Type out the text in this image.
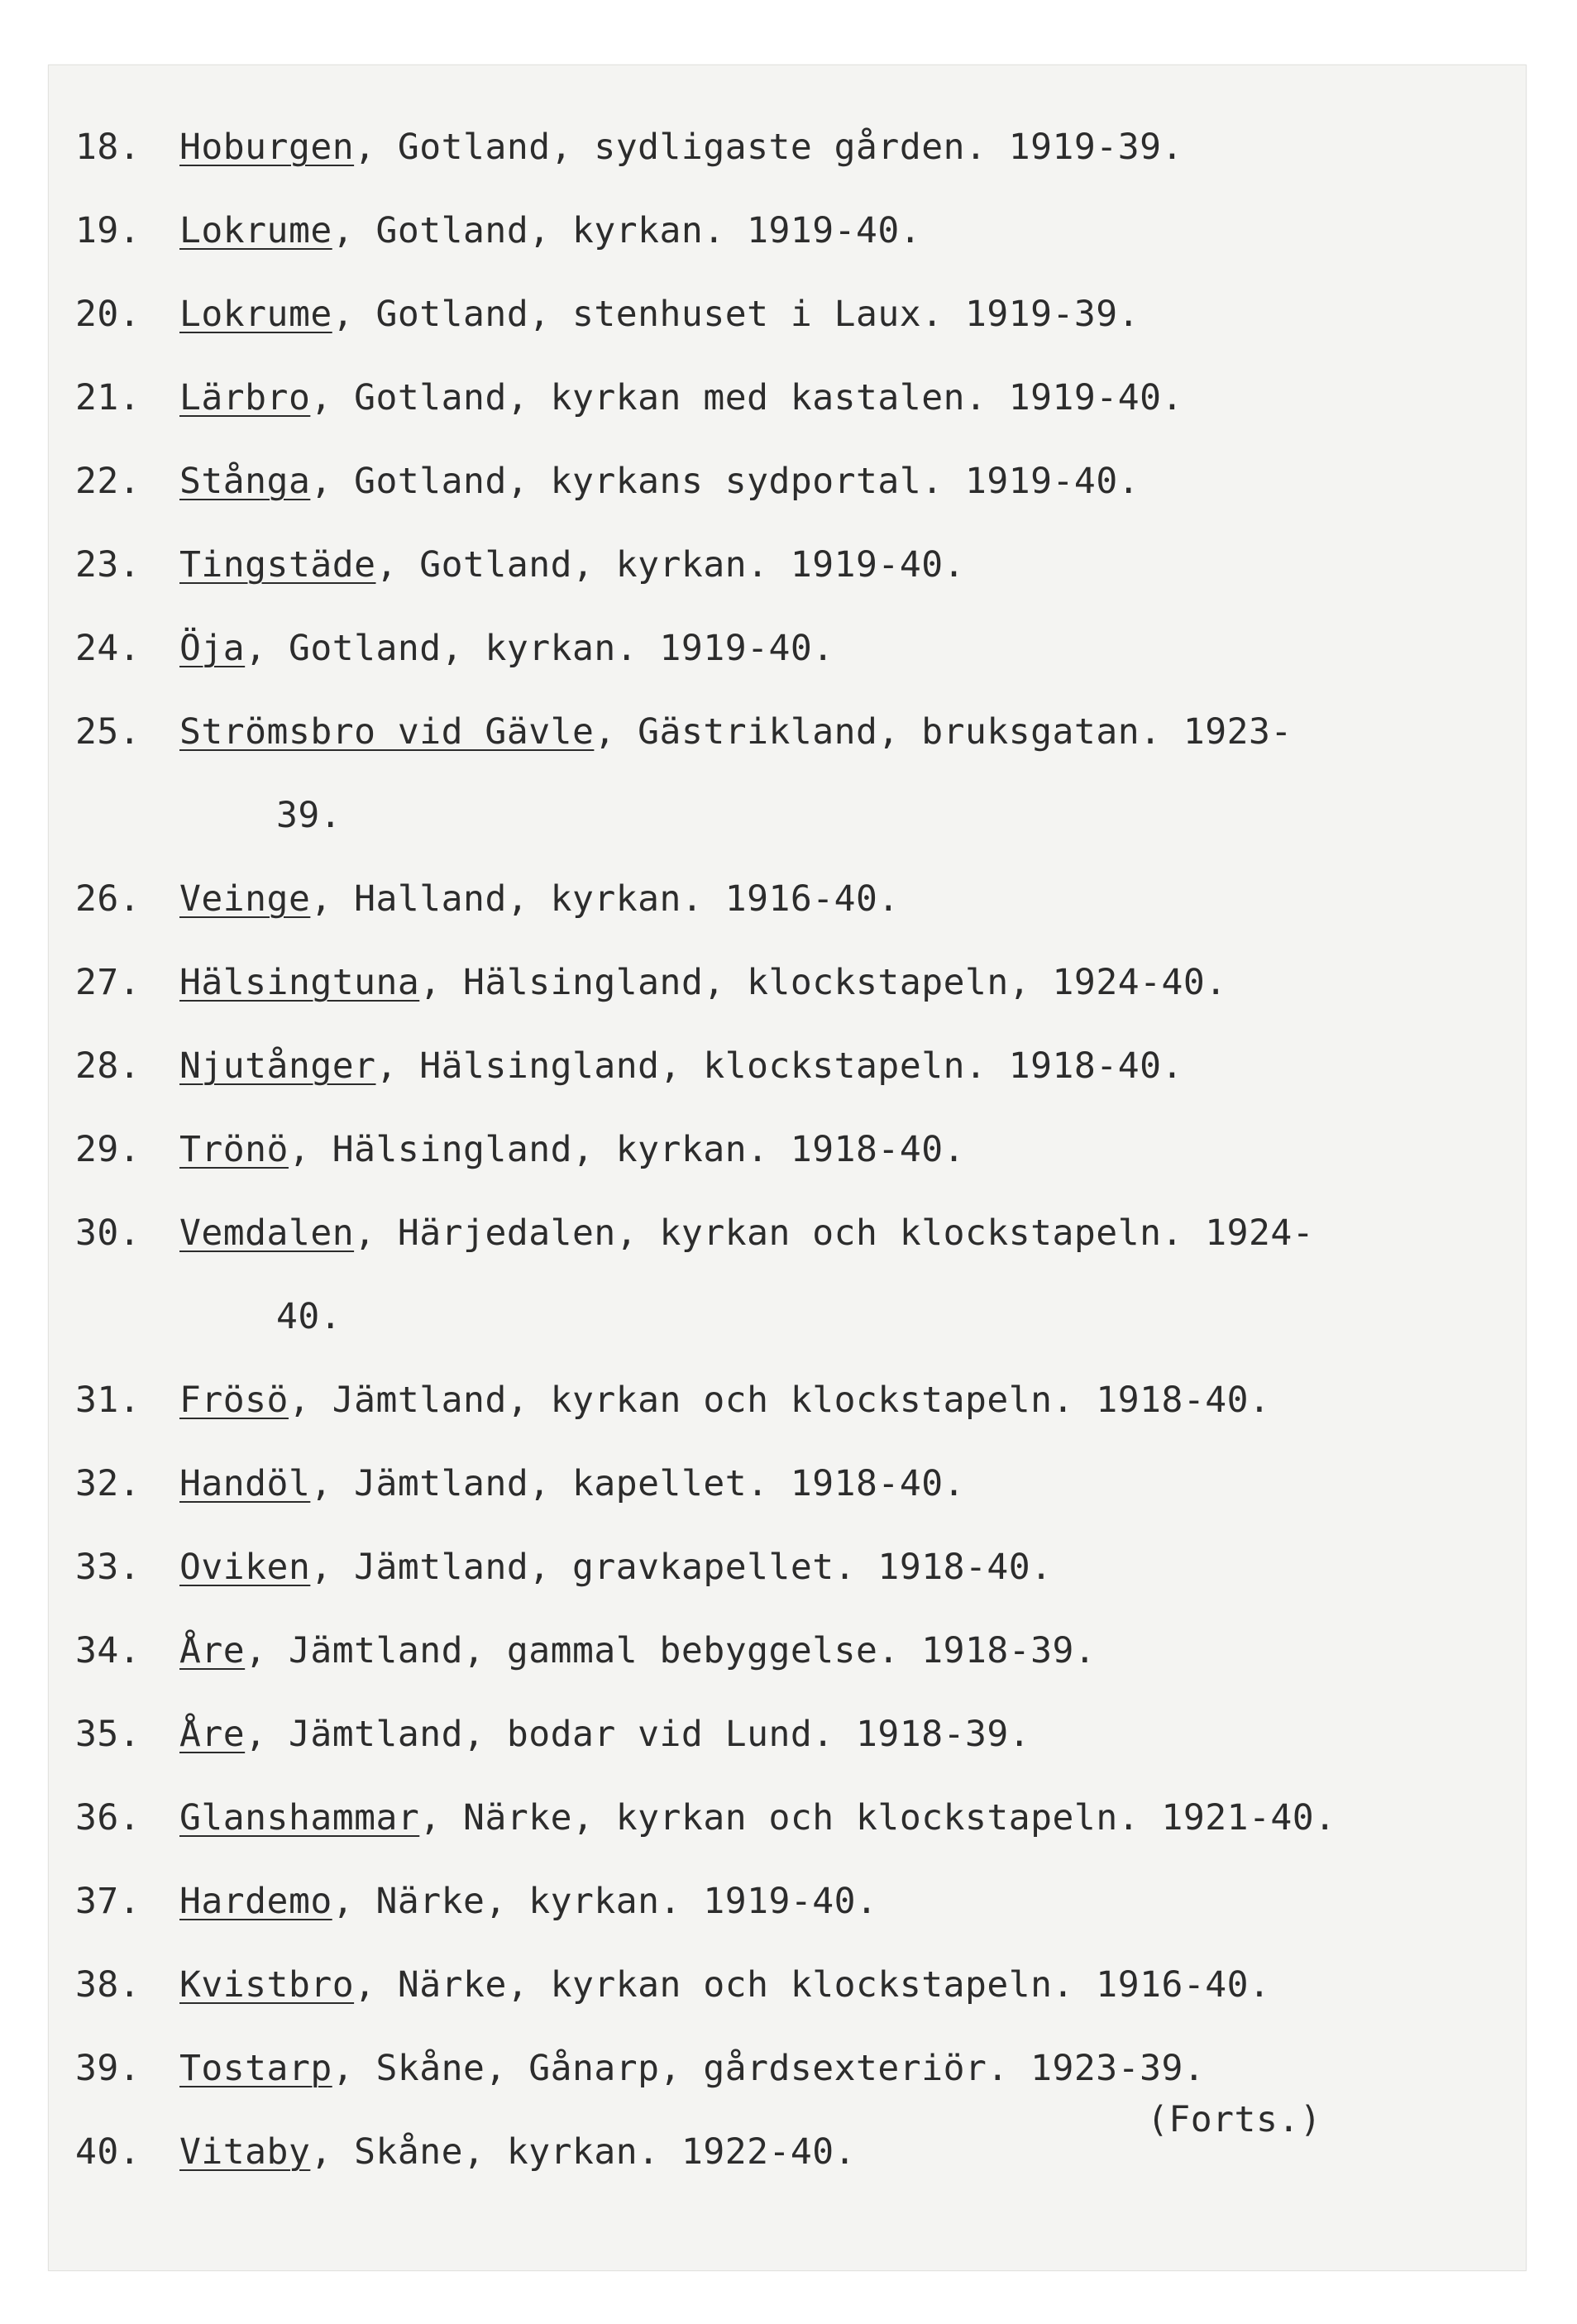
18. Hoburgen, Gotland, sydligaste gården. 1919-39.
19. Lokrume, Gotland, kyrkan. 1919-40.
20. Lokrume, Gotland, stenhuset i Laux. 1919-39.
21. Lärbro, Gotland, kyrkan med kastalen. 1919-40.
22. Stånga, Gotland, kyrkans sydportal. 1919-40.
23. Tingstäde, Gotland, kyrkan. 1919-40.
24. Öja, Gotland, kyrkan. 1919-40.
25. Strömsbro vid Gävle, Gästrikland, bruksgatan. 1923-
39.
26. Veinge, Halland, kyrkan. 1916-40.
27. Hälsingtuna, Hälsingland, klockstapeln, 1924-40.
28. Njutånger, Hälsingland, klockstapeln. 1918-40.
29. Trönö, Hälsingland, kyrkan. 1918-40.
30. Vemdalen, Härjedalen, kyrkan och klockstapeln. 1924-
40.
31. Frösö, Jämtland, kyrkan och klockstapeln. 1918-40.
32. Handöl, Jämtland, kapellet. 1918-40.
33. Oviken, Jämtland, gravkapellet. 1918-40.
34. Åre, Jämtland, gammal bebyggelse. 1918-39.
35. Åre, Jämtland, bodar vid Lund. 1918-39.
36. Glanshammar, Närke, kyrkan och klockstapeln. 1921-40.
37. Hardemo, Närke, kyrkan. 1919-40.
38. Kvistbro, Närke, kyrkan och klockstapeln. 1916-40.
39. Tostarp, Skåne, Gånarp, gårdsexteriör. 1923-39.
40. Vitaby, Skåne, kyrkan. 1922-40.
(Forts.)
